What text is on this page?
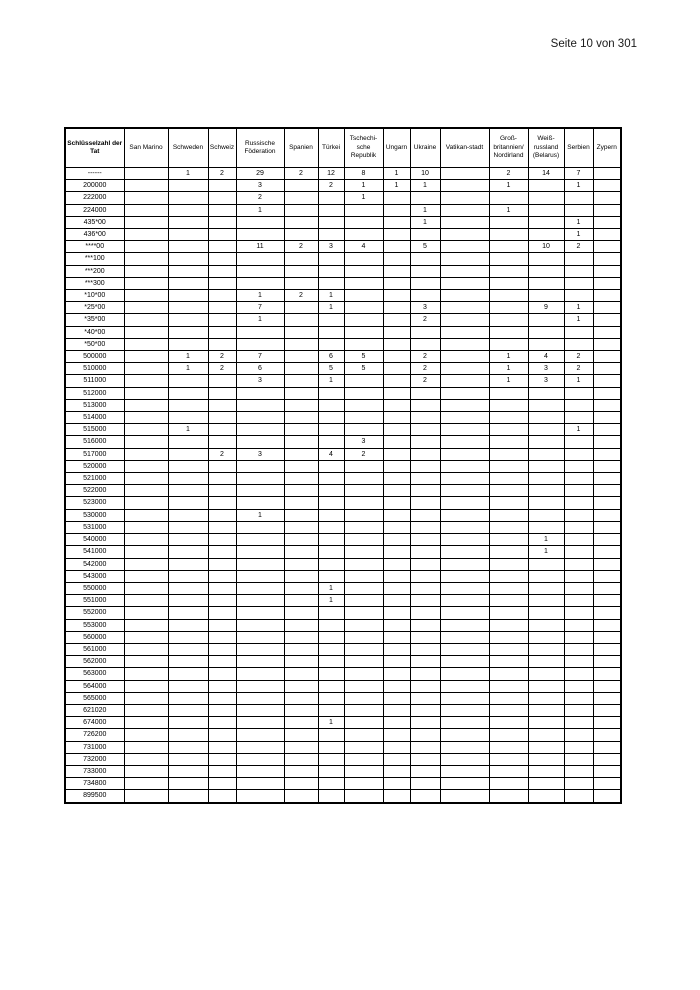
Seite 10 von 301
Schlüsselzahl der Tat	San Marino	Schweden	Schweiz	Russische Föderation	Spanien	Türkei	Tschechi-sche Republik	Ungarn	Ukraine	Vatikan-stadt	Groß-britannien/ Nordirland	Weiß-russland (Belarus)	Serbien	Zypern
------		1	2	29	2	12	8	1	10		2	14	7	
200000				3		2	1	1	1		1		1	
222000				2			1							
224000				1					1		1			
435*00									1				1	
436*00													1	
****00				11	2	3	4		5			10	2	
***100														
***200														
***300														
*10*00				1	2	1								
*25*00				7		1			3			9	1	
*35*00				1					2				1	
*40*00														
*50*00														
500000		1	2	7		6	5		2		1	4	2	
510000		1	2	6		5	5		2		1	3	2	
511000				3		1			2		1	3	1	
512000														
513000														
514000														
515000		1											1	
516000							3							
517000			2	3		4	2							
520000														
521000														
522000														
523000														
530000				1										
531000														
540000												1		
541000												1		
542000														
543000														
550000						1								
551000						1								
552000														
553000														
560000														
561000														
562000														
563000														
564000														
565000														
621020														
674000						1								
726200														
731000														
732000														
733000														
734800														
899500														
